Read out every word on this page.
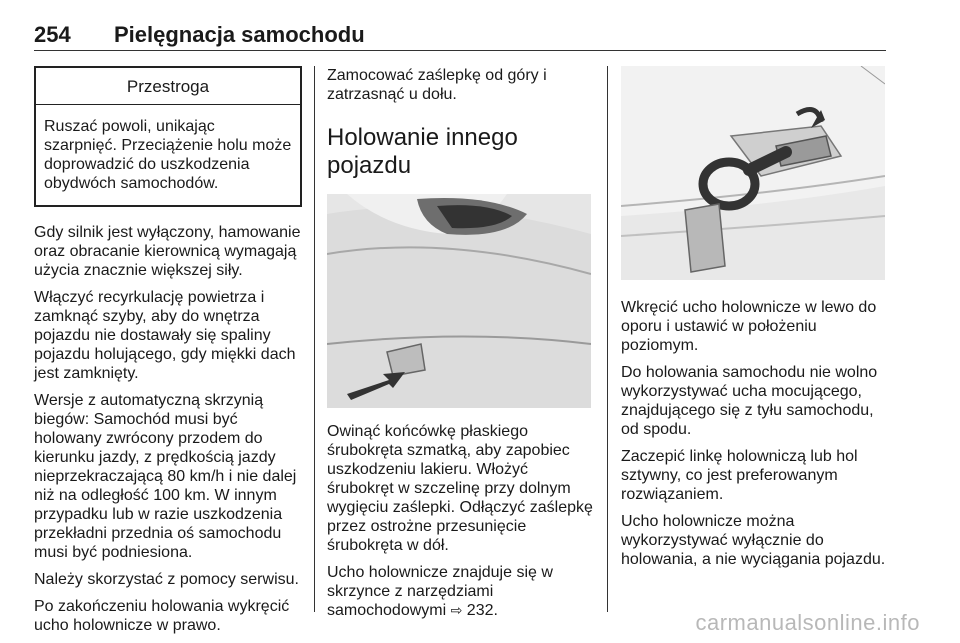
254 Pielęgnacja samochodu
Przestroga
Ruszać powoli, unikając szarpnięć. Przeciążenie holu może doprowadzić do uszkodzenia obydwóch samochodów.

Gdy silnik jest wyłączony, hamowanie oraz obracanie kierownicą wymagają użycia znacznie większej siły.

Włączyć recyrkulację powietrza i zamknąć szyby, aby do wnętrza pojazdu nie dostawały się spaliny pojazdu holującego, gdy miękki dach jest zamknięty.

Wersje z automatyczną skrzynią biegów: Samochód musi być holowany zwrócony przodem do kierunku jazdy, z prędkością jazdy nieprzekraczającą 80 km/h i nie dalej niż na odległość 100 km. W innym przypadku lub w razie uszkodzenia przekładni przednia oś samochodu musi być podniesiona.

Należy skorzystać z pomocy serwisu.

Po zakończeniu holowania wykręcić ucho holownicze w prawo.

Zamocować zaślepkę od góry i zatrzasnąć u dołu.

Holowanie innego pojazdu

Owinąć końcówkę płaskiego śrubokręta szmatką, aby zapobiec uszkodzeniu lakieru. Włożyć śrubokręt w szczelinę przy dolnym wygięciu zaślepki. Odłączyć zaślepkę przez ostrożne przesunięcie śrubokręta w dół.

Ucho holownicze znajduje się w skrzynce z narzędziami samochodowymi ⇨ 232.

Wkręcić ucho holownicze w lewo do oporu i ustawić w położeniu poziomym.

Do holowania samochodu nie wolno wykorzystywać ucha mocującego, znajdującego się z tyłu samochodu, od spodu.

Zaczepić linkę holowniczą lub hol sztywny, co jest preferowanym rozwiązaniem.

Ucho holownicze można wykorzystywać wyłącznie do holowania, a nie wyciągania pojazdu.

carmanualsonline.info
